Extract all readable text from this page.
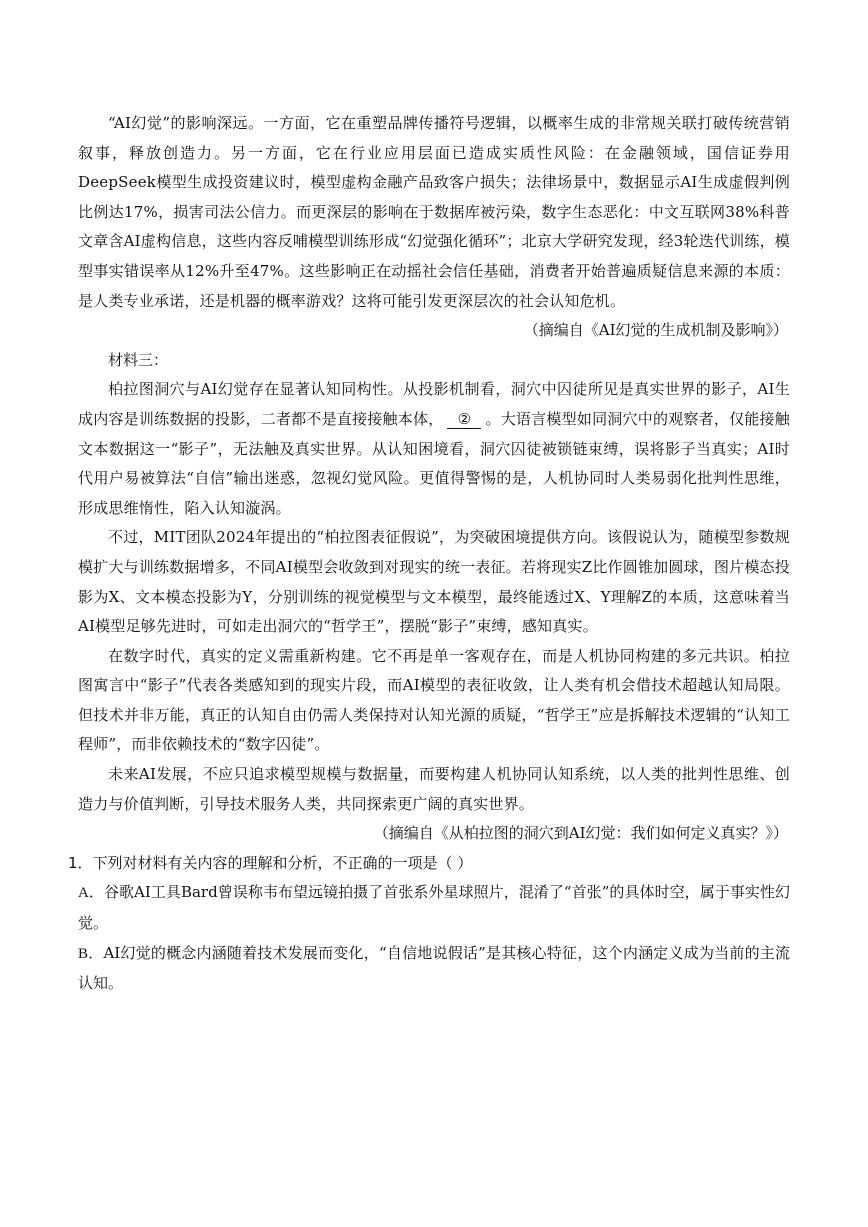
“AI幻觉”的影响深远。一方面，它在重塑品牌传播符号逻辑，以概率生成的非常规关联打破传统营销叙事，释放创造力。另一方面，它在行业应用层面已造成实质性风险：在金融领域，国信证券用DeepSeek模型生成投资建议时，模型虚构金融产品致客户损失；法律场景中，数据显示AI生成虚假判例比例达17%，损害司法公信力。而更深层的影响在于数据库被污染，数字生态恶化：中文互联网38%科普文章含AI虚构信息，这些内容反哺模型训练形成“幻觉强化循环”；北京大学研究发现，经3轮迭代训练，模型事实错误率从12%升至47%。这些影响正在动摇社会信任基础，消费者开始普遍质疑信息来源的本质：是人类专业承诺，还是机器的概率游戏？这将可能引发更深层次的社会认知危机。

（摘编自《AI幻觉的生成机制及影响》）

材料三：

柏拉图洞穴与AI幻觉存在显著认知同构性。从投影机制看，洞穴中囚徒所见是真实世界的影子，AI生成内容是训练数据的投影，二者都不是直接接触本体， ② 。大语言模型如同洞穴中的观察者，仅能接触文本数据这一“影子”，无法触及真实世界。从认知困境看，洞穴囚徒被锁链束缚，误将影子当真实；AI时代用户易被算法“自信”输出迷惑，忽视幻觉风险。更值得警惕的是，人机协同时人类易弱化批判性思维，形成思维惰性，陷入认知漩涡。

不过，MIT团队2024年提出的“柏拉图表征假说”，为突破困境提供方向。该假说认为，随模型参数规模扩大与训练数据增多，不同AI模型会收敛到对现实的统一表征。若将现实Z比作圆锥加圆球，图片模态投影为X、文本模态投影为Y，分别训练的视觉模型与文本模型，最终能透过X、Y理解Z的本质，这意味着当AI模型足够先进时，可如走出洞穴的“哲学王”，摆脱“影子”束缚，感知真实。

在数字时代，真实的定义需重新构建。它不再是单一客观存在，而是人机协同构建的多元共识。柏拉图寓言中“影子”代表各类感知到的现实片段，而AI模型的表征收敛，让人类有机会借技术超越认知局限。但技术并非万能，真正的认知自由仍需人类保持对认知光源的质疑，“哲学王”应是拆解技术逻辑的“认知工程师”，而非依赖技术的“数字囚徒”。

未来AI发展，不应只追求模型规模与数据量，而要构建人机协同认知系统，以人类的批判性思维、创造力与价值判断，引导技术服务人类，共同探索更广阔的真实世界。

（摘编自《从柏拉图的洞穴到AI幻觉：我们如何定义真实？》）

1．下列对材料有关内容的理解和分析，不正确的一项是（ ）

A．谷歌AI工具Bard曾误称韦布望远镜拍摄了首张系外星球照片，混淆了“首张”的具体时空，属于事实性幻觉。

B．AI幻觉的概念内涵随着技术发展而变化，“自信地说假话”是其核心特征，这个内涵定义成为当前的主流认知。
